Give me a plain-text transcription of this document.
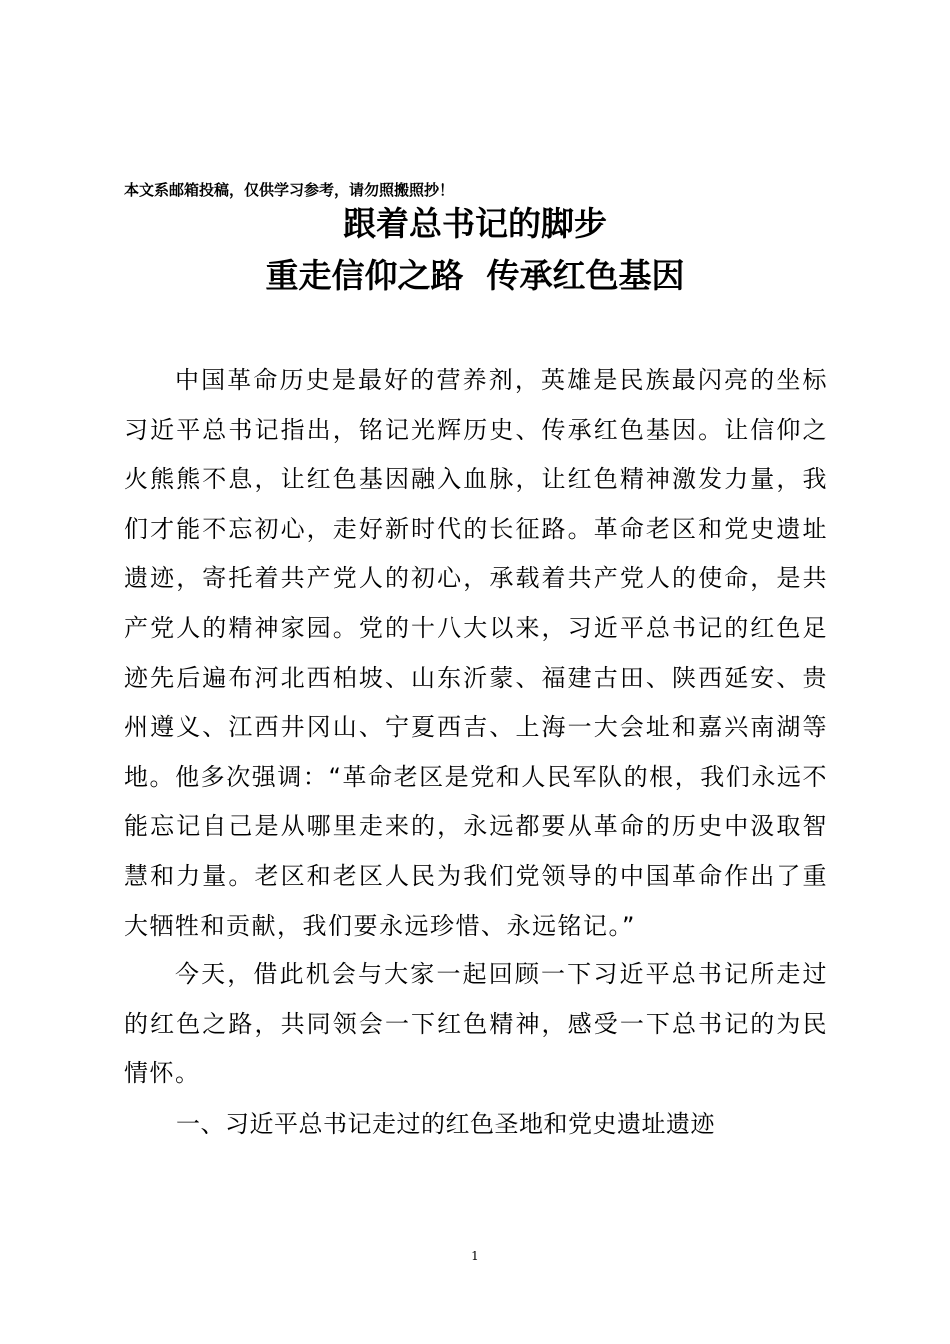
本文系邮箱投稿，仅供学习参考，请勿照搬照抄！
跟着总书记的脚步
重走信仰之路  传承红色基因

中国革命历史是最好的营养剂，英雄是民族最闪亮的坐标习近平总书记指出，铭记光辉历史、传承红色基因。让信仰之火熊熊不息，让红色基因融入血脉，让红色精神激发力量，我们才能不忘初心，走好新时代的长征路。革命老区和党史遗址遗迹，寄托着共产党人的初心，承载着共产党人的使命，是共产党人的精神家园。党的十八大以来，习近平总书记的红色足迹先后遍布河北西柏坡、山东沂蒙、福建古田、陕西延安、贵州遵义、江西井冈山、宁夏西吉、上海一大会址和嘉兴南湖等地。他多次强调：“革命老区是党和人民军队的根，我们永远不能忘记自己是从哪里走来的，永远都要从革命的历史中汲取智慧和力量。老区和老区人民为我们党领导的中国革命作出了重大牺牲和贡献，我们要永远珍惜、永远铭记。”

今天，借此机会与大家一起回顾一下习近平总书记所走过的红色之路，共同领会一下红色精神，感受一下总书记的为民情怀。

一、习近平总书记走过的红色圣地和党史遗址遗迹
1
